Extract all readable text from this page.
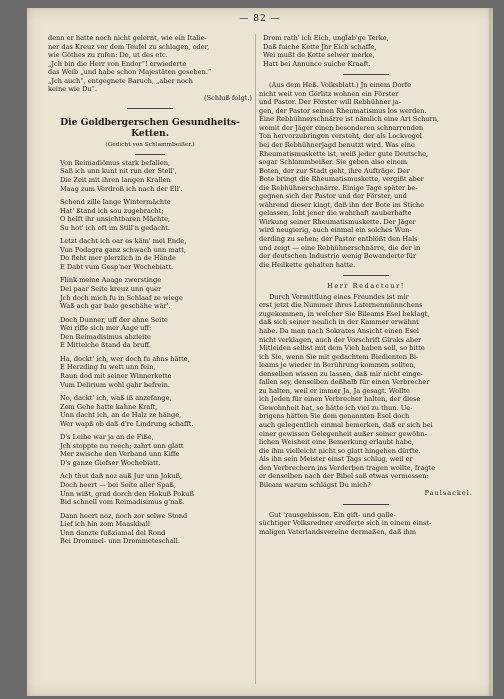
— 82 —

denn er hatte noch nicht gelernt, wie ein Italie-
ner das Kreuz vor dem Teufel zu schlagen, oder,
wie Göthes zu rufen: Do, ut des etc.
„Jch bin die Herr von Endor“! erwiederte
das Weib „und habe schon Majestäten gesehen.“
„Jch auch“, entgegnete Baruch, „aber noch
keine wie Du“.

(Schluß folgt.)

Die Goldbergerschen Gesundheits-
Ketten.

(Gedicht von Schlammbeißer.)

Von Reimadiömus stark befallen,
Saß ich unn kunt nit run der Stell',
Die Zeit mit ihren langen Krallen
Maag zum Verdroß ich nach der Ell'.

Schond zille lange Wintermächte
Hat' ßtand ich sou zugebracht;
O helft ihr unsichtbaren Mächte,
Su hot' ich oft im Still'n gedacht.

Letzt dacht ich oar es käm' mei Ende,
Vun Podagra ganz schwach unn matt,
Do fleht mer plerzlich in de Hände
E Dabt vum Gesp'ner Wochebiatt.

Flink meine Aaage zwerstinge
Dei paar Seite kreuz unn quer
Jch doch mich fu in Schlaaf ze wiege
Waß ach gar balo geschähe wär'.

Doch Dunner, uff der ahne Seite
Wei riffe sich mer Aage uff:
Den Reimadisimus abzleite
E Mittelche ßtand da bruff.

Ha, dockt' ich, wer doch fu ahns hätte,
E Herzding fu wett unn fein,
Raun dod mit seiner Winnerkette
Vum Delirium wohl gahr befrein.

No, dackt' ich, waß iß anzefange,
Zom Gehe hatte kahne Kraft,
Unn dacht ich, an de Halz ze hänge,
Wer wapß ob daß d're Lindrung schafft.

D's Leibe war ja an de Fiße,
Jch stoppte nu reech; zahrt unn glatt
Mer zwische den Verband unn Kiffe
D's ganze Giefser Wochebiatt.

Ach thut daß noz auß Jur unn Jokuß,
Doch heert — bei Seite aller Spaß,
Unn wißt, grad dorch den Hokuß Pokuß
Bid schnell vom Reimadisimus g'naß.

Dann heert noz, noch zor selwe Stond
Lief ich hin zom Maaskball
Unn danzte fußziamal del Rond
Bei Drommel- unn Drommeteschall.

Drom rath' ich Eich, unglab'ge Terke,
Daß fuiche Kette Jhr Eich schaffe,
Wei mußt de Kette selwer merke,
Hatt bei Annunce suiche Kraaft.

(Aus dem Heß. Volksblatt.) Jn einem Dorfe
nicht weit von Görlitz wohnen ein Förster
und Pastor. Der Förster will Rebhühner ja-
gen, der Pastor seinen Rheumatismus los werden.
Eine Rebhühnerschnärre ist nämlich eine Art Schurn,
womit der Jäger einen besonderen schnarrenden
Ton hervorzubringen versteht, der als Lockvogel
bei der Rebhühnerjagd benutzt wird. Was eine
Rheumatismuskette ist, weiß jeder gute Deutsche,
sogar Schlammbeißer. Sie geben also einem
Boten, der zur Stadt geht, ihre Aufträge. Der
Bote bringt die Rheumatismuskette, vergißt aber
die Rebhühnerschnärre. Einige Tage später be-
gegnen sich der Pastor und der Förster, und
während dieser klagt, daß ihn der Bote im Stiche
gelassen, lobt jener die wahrhaft zauberhafte
Wirkung seiner Rheumatismuskette. Der Jäger
wird neugierig, auch einmal ein solches Wun-
derding zu sehen; der Pastor entblößt den Hals
und zeigt — eine Rebhühnerschnärre, die der in
der deutschen Industrie wenig Bewanderte für
die Heilkette gehalten hatte.

Herr Redacteur!

Durch Vermittlung eines Freundes ist mir
erst jetzt die Nummer ihres Laternenmännchens
zugekommen, in welcher Sie Bileams Esel beklagt,
daß sich seiner neulich in der Kammer erwähnt
habe. Da man nach Sokrates Ansicht einen Esel
nicht verklagen, auch der Vorschrift Giraks aber
Mitleiden selbst mit dem Vieh haben soll, so bitte
ich Sie, wenn Sie mit gedachtem Biedienten Bi-
leams je wieder in Berührung kommen sollten,
denselben wissen zu lassen, daß mir nicht einge-
fallen sey, denselben deßhalb für einen Verbrecher
zu halten, weil er immer Ja, Ja gesagt. Wollte
ich Jeden für einen Verbrecher halten, der diese
Gewohnheit hat, so hätte ich viel zu thun. Ue-
brigens hätten Sie dem genannten Esel doch
auch gelegentlich einmal bemerken, daß er sich bei
einer gewissen Gelegenheit außer seiner gewöhn-
lichen Weisheit eine Bemerkung erlaubt habe,
die ihm vielleicht nicht so glatt hingehen dürfte.
Als ihn sein Meister einst Tags schlug, weil er
den Verbrechern ins Verderben tragen wollte, fragte
er denselben nach der Bibel saß etwas vermessen:
Bileam warum schlägst Du mich?

Paulsackel.

Gut 'rausgebissen. Ein gift- und galle-
süchtiger Volksredner ereiferte sich in einem einst-
maligen Vaterlandsvereine dermaßen, daß ihm
